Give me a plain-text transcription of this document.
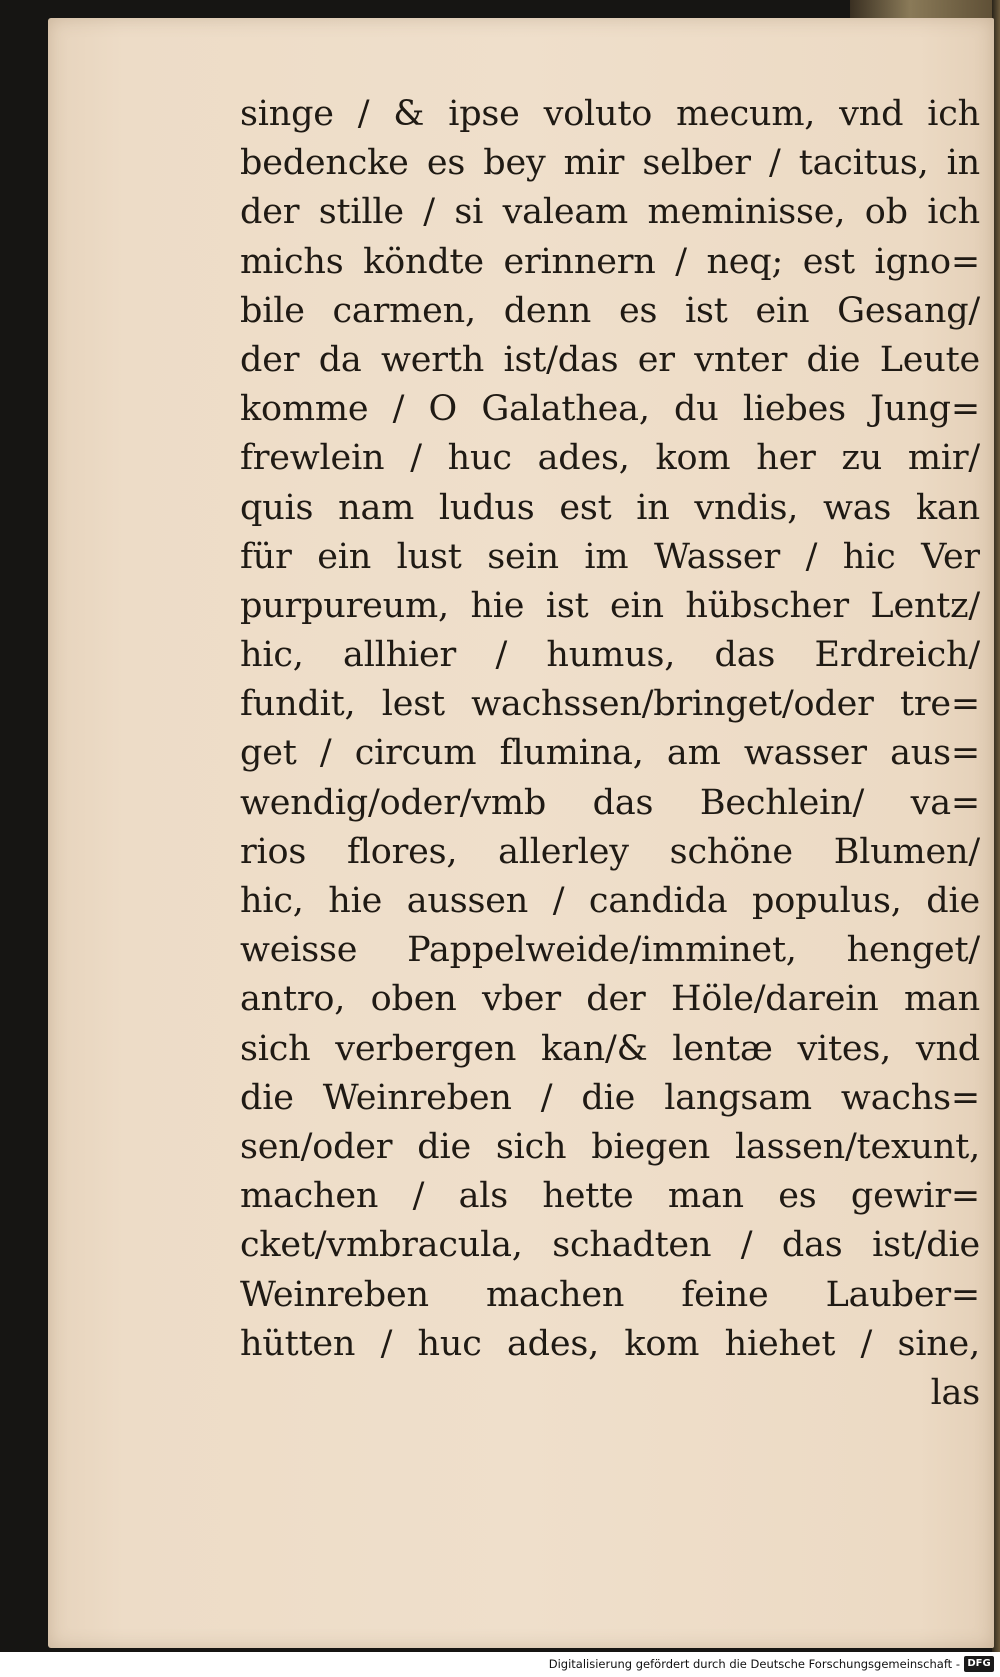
singe / & ipse voluto mecum, vnd ich
bedencke es bey mir selber / tacitus, in
der stille / si valeam meminisse, ob ich
michs köndte erinnern / neq; est igno=
bile carmen, denn es ist ein Gesang/
der da werth ist/das er vnter die Leute
komme / O Galathea, du liebes Jung=
frewlein / huc ades, kom her zu mir/
quis nam ludus est in vndis, was kan
für ein lust sein im Wasser / hic Ver
purpureum, hie ist ein hübscher Lentz/
hic, allhier / humus, das Erdreich/
fundit, lest wachssen/bringet/oder tre=
get / circum flumina, am wasser aus=
wendig/oder/vmb das Bechlein/ va=
rios flores, allerley schöne Blumen/
hic, hie aussen / candida populus, die
weisse Pappelweide/imminet, henget/
antro, oben vber der Höle/darein man
sich verbergen kan/& lentæ vites, vnd
die Weinreben / die langsam wachs=
sen/oder die sich biegen lassen/texunt,
machen / als hette man es gewir=
cket/vmbracula, schadten / das ist/die
Weinreben machen feine Lauber=
hütten / huc ades, kom hiehet / sine,
las
Digitalisierung gefördert durch die Deutsche Forschungsgemeinschaft - DFG
